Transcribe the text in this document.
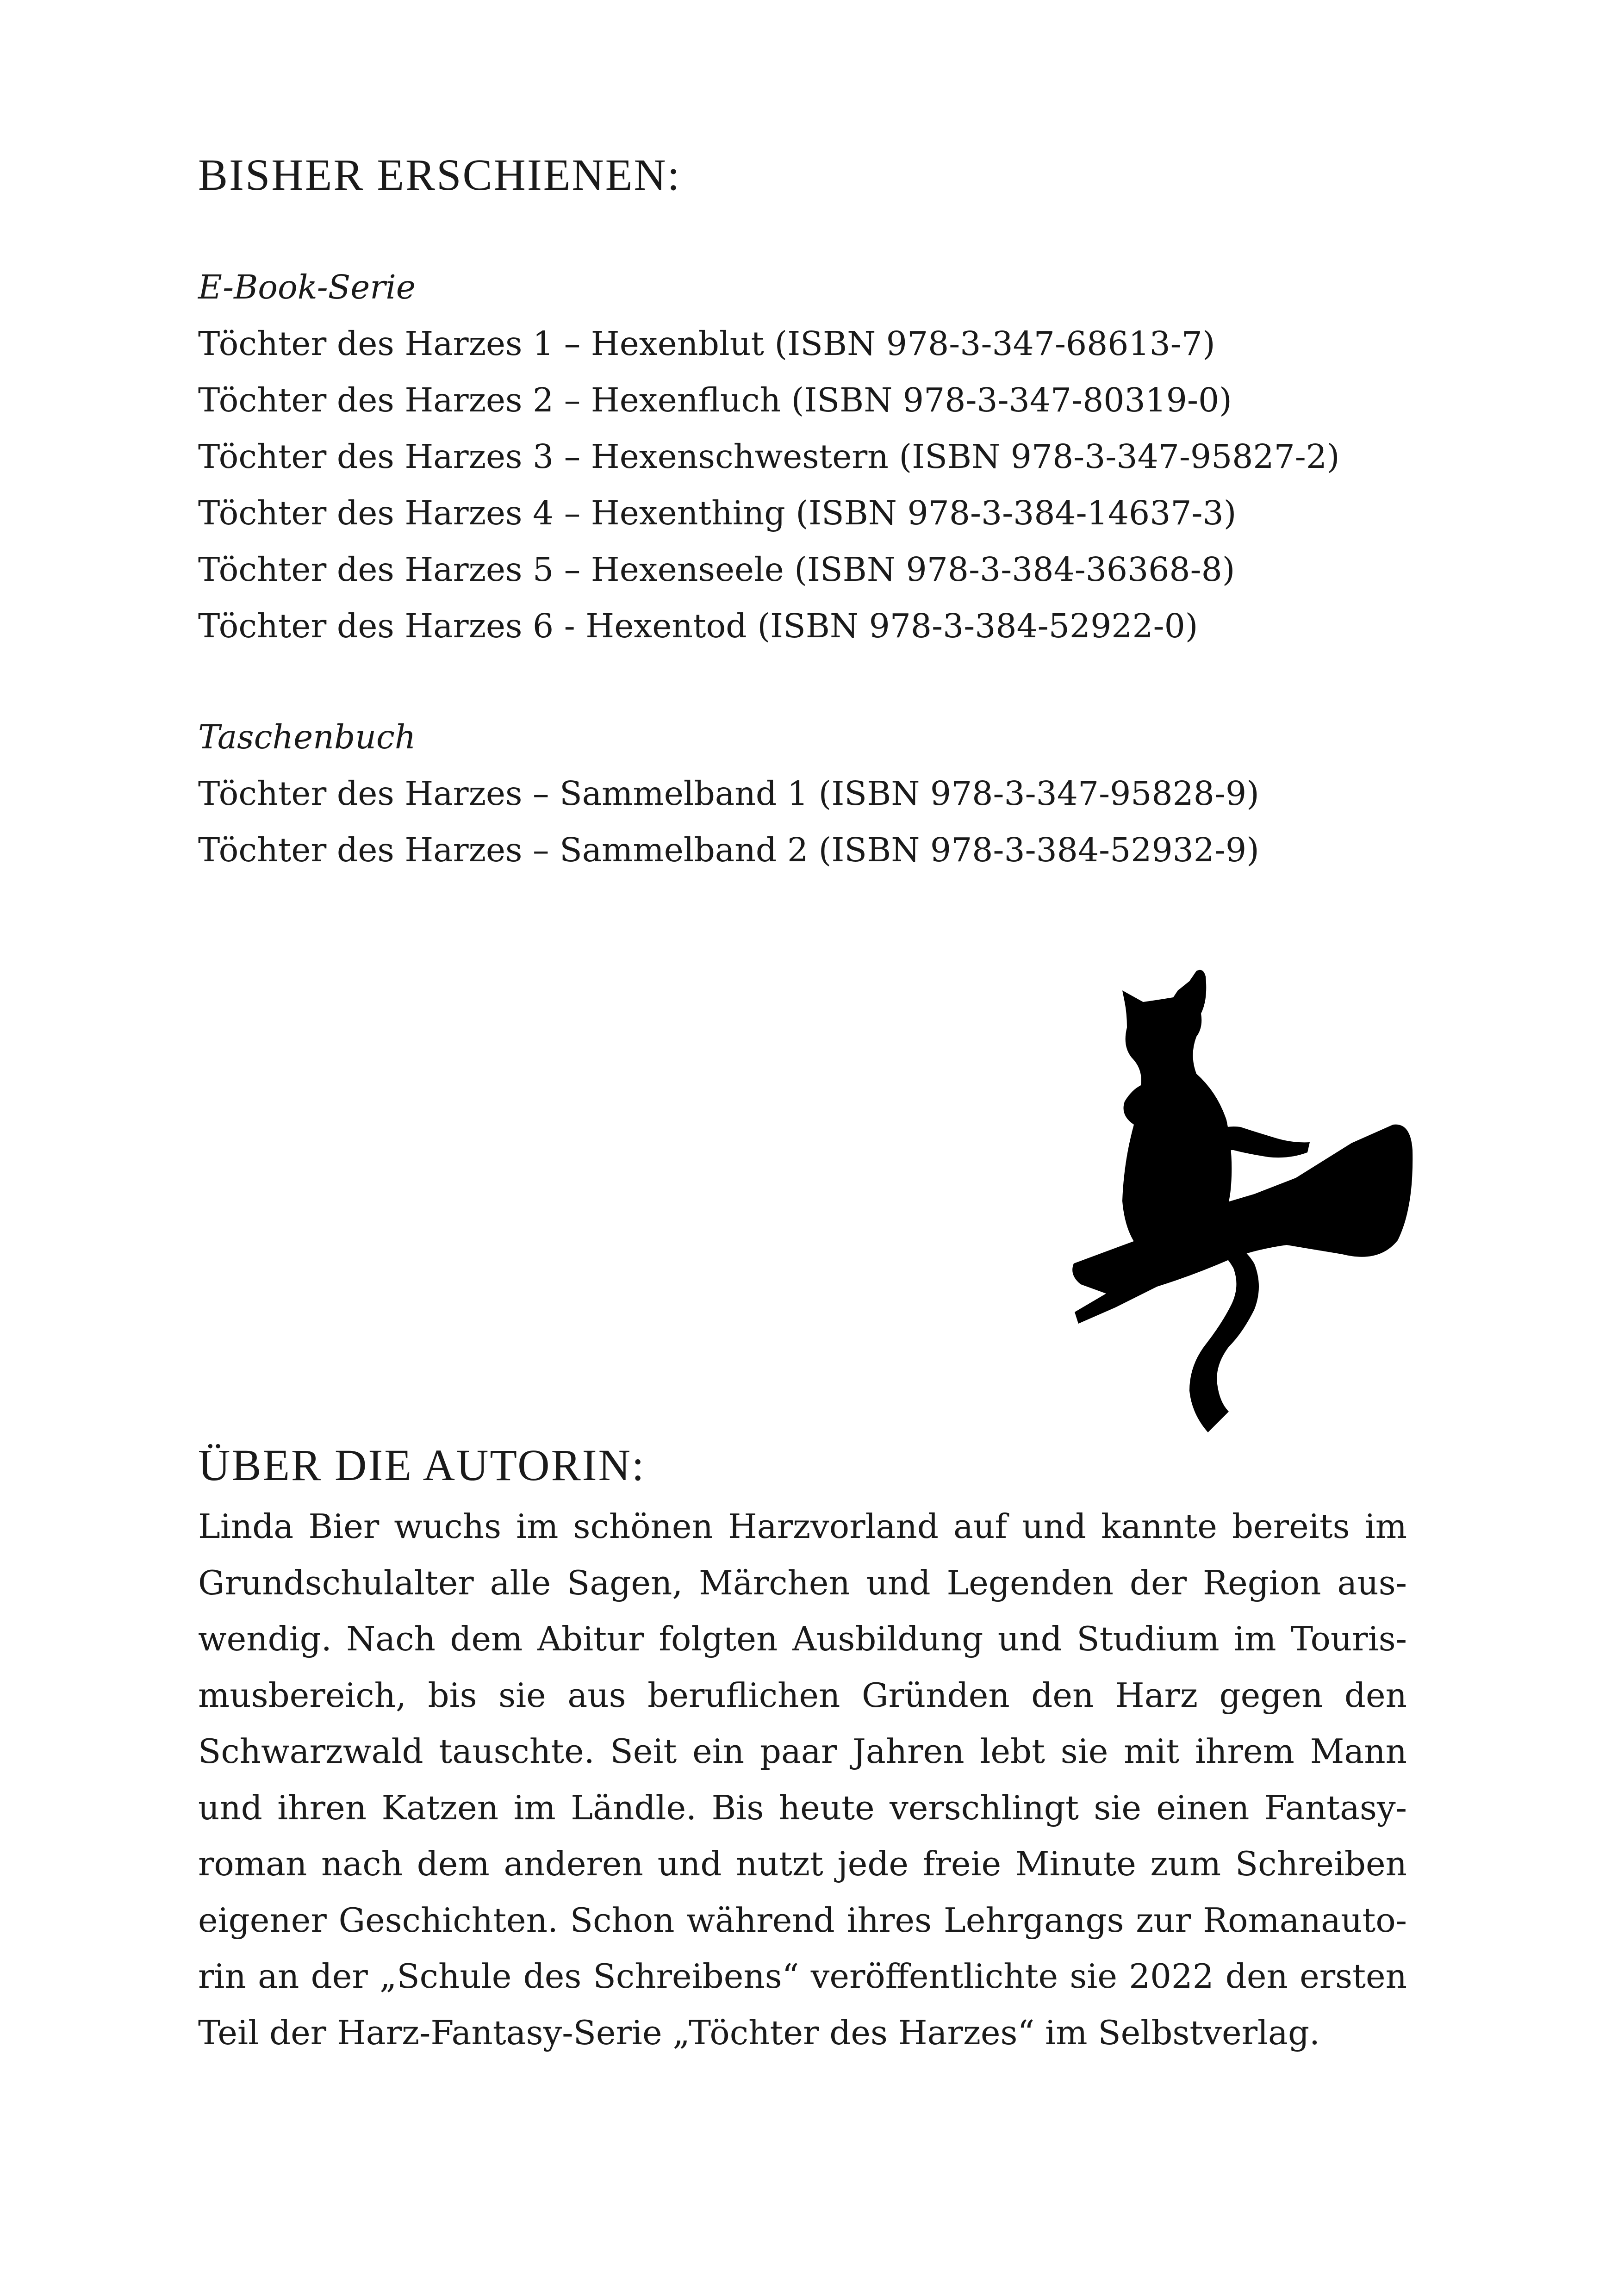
BISHER ERSCHIENEN:
E-Book-Serie
Töchter des Harzes 1 – Hexenblut (ISBN 978-3-347-68613-7)
Töchter des Harzes 2 – Hexenfluch (ISBN 978-3-347-80319-0)
Töchter des Harzes 3 – Hexenschwestern (ISBN 978-3-347-95827-2)
Töchter des Harzes 4 – Hexenthing (ISBN 978-3-384-14637-3)
Töchter des Harzes 5 – Hexenseele (ISBN 978-3-384-36368-8)
Töchter des Harzes 6 - Hexentod (ISBN 978-3-384-52922-0)
Taschenbuch
Töchter des Harzes – Sammelband 1 (ISBN 978-3-347-95828-9)
Töchter des Harzes – Sammelband 2 (ISBN 978-3-384-52932-9)
ÜBER DIE AUTORIN:

Linda Bier wuchs im schönen Harzvorland auf und kannte bereits im Grundschulalter alle Sagen, Märchen und Legenden der Region auswendig. Nach dem Abitur folgten Ausbildung und Studium im Tourismusbereich, bis sie aus beruflichen Gründen den Harz gegen den Schwarzwald tauschte. Seit ein paar Jahren lebt sie mit ihrem Mann und ihren Katzen im Ländle. Bis heute verschlingt sie einen Fantasyroman nach dem anderen und nutzt jede freie Minute zum Schreiben eigener Geschichten. Schon während ihres Lehrgangs zur Romanautorin an der „Schule des Schreibens“ veröffentlichte sie 2022 den ersten Teil der Harz-Fantasy-Serie „Töchter des Harzes“ im Selbstverlag.
